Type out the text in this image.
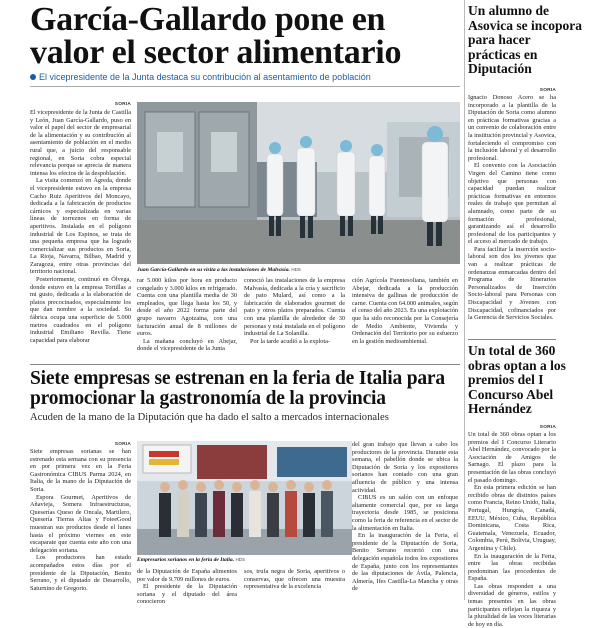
García-Gallardo pone en
valor el sector alimentario
El vicepresidente de la Junta destaca su contribución al asentamiento de población
SORIA

El vicepresidente de la Junta de Castilla y León, Juan García-Gallardo, puso en valor el papel del sector de empresarial de la alimentación y su contribución al asentamiento de población en el medio rural que, a juicio del responsable regional, en Soria cobra especial relevancia porque se aprecia de manera intensa los efectos de la despoblación.

La visita comenzó en Ágreda, donde el vicepresidente estuvo en la empresa Cacho Ruiz Aperitivos del Moncayo, dedicada a la fabricación de productos cárnicos y especializada en varias líneas de torreznos en forma de aperitivos. Instalada en el polígono industrial de Los Espinos, se trata de una pequeña empresa que ha logrado comercializar sus productos en Soria, La Rioja, Navarra, Bilbao, Madrid y Zaragoza, entre otras provincias del territorio nacional.

Posteriormente, continuó en Ólvega, donde estuvo en la empresa Tortillas a mi gusto, dedicada a la elaboración de platos precocinados, especialmente los que dan nombre a la sociedad. Su fábrica ocupa una superficie de 5.000 metros cuadrados en el polígono industrial Emiliano Revilla. Tiene capacidad para elaborar

Juan García-Gallardo en su visita a las instalaciones de Malvasía. HDS

rar 5.000 kilos por hora en producto congelado y 3.000 kilos en refrigerado. Cuenta con una plantilla media de 30 empleados, que llega hasta los 50, y desde el año 2022 forma parte del grupo navarro Agotzaina, con una facturación anual de 8 millones de euros.

La mañana concluyó en Abejar, donde el vicepresidente de la Junta

conoció las instalaciones de la empresa Malvasía, dedicada a la cría y sacrificio de pato Mulard, así como a la fabricación de elaborados gourmet de pato y otros platos preparados. Cuenta con una plantilla de alrededor de 30 personas y está instalada en el polígono industrial de La Solanilla.

Por la tarde acudió a la explota-

ción Agrícola Fuentesoliana, también en Abejar, dedicada a la producción intensiva de gallinas de producción de carne. Cuenta con 64.000 animales, según el censo del año 2023. Es una explotación que ha sido reconocida por la Consejería de Medio Ambiente, Vivienda y Ordenación del Territorio por su esfuerzo en la gestión medioambiental.

Siete empresas se estrenan en la feria de Italia para
promocionar la gastronomía de la provincia
Acuden de la mano de la Diputación que ha dado el salto a mercados internacionales
SORIA

Siete empresas sorianas se han estrenado esta semana con su presencia en por primera vez en la Feria Gastronómica CIBUS Parma 2024, en Italia, de la mano de la Diputación de Soria.

Espora Gourmet, Aperitivos de Añavieja, Somera Infraestructuras, Queserías Queso de Oncala, Martilero, Quesería Tierras Altas y FoieeGood muestran sus productos desde el lunes hasta el próximo viernes en este escaparate que cuenta este año con una delegación soriana.

Los productores han estado acompañados estos días por el presidente de la Diputación, Benito Serrano, y el diputado de Desarrollo, Saturnino de Gregorio.

Empresarios sorianos en la feria de Italia. HDS

de la Diputación de España alimentos por valor de 9.709 millones de euros.

El presidente de la Diputación soriana y el diputado del área conocieron

sos, trufa negra de Soria, aperitivos o conservas, que ofrecen una muestra representativa de la excelencia

del gran trabajo que llevan a cabo los productores de la provincia. Durante esta semana, el pabellón donde se ubica la Diputación de Soria y los expositores sorianos han contado con una gran afluencia de público y una intensa actividad.

CIBUS es un salón con un enfoque altamente comercial que, por su larga trayectoria desde 1985, se posiciona como la feria de referencia en el sector de la alimentación en Italia.

En la inauguración de la Feria, el presidente de la Diputación de Soria, Benito Serrano recorrió con una delegación española todos los expositores de España, junto con los representantes de las diputaciones de Ávila, Palencia, Almería, Ifes Castilla-La Mancha y otras de

Un alumno de Asovica se incopora para hacer prácticas en Diputación
SORIA

Ignacio Donoso Acero se ha incorporado a la plantilla de la Diputación de Soria como alumno en prácticas formativas gracias a un convenio de colaboración entre la institución provincial y Asovica, fortaleciendo el compromiso con la inclusión laboral y el desarrollo profesional.

El convenio con la Asociación Virgen del Camino tiene como objetivo que personas con capacidad puedan realizar prácticas formativas en entornos reales de trabajo que permitan al alumnado, como parte de su formación profesional, garantizando así el desarrollo profesional de los participantes y el acceso al mercado de trabajo.

Para facilitar la inserción socio-laboral son dos los jóvenes que van a realizar prácticas de ordenanzas enmarcadas dentro del Programa de Itinerarios Personalizados de Inserción Socio-laboral para Personas con Discapacidad y Jóvenes con Discapacidad, cofinanciados por la Gerencia de Servicios Sociales.

Un total de 360 obras optan a los premios del I Concurso Abel Hernández
SORIA

Un total de 360 obras optan a los premios del I Concurso Literario Abel Hernández, convocado por la Asociación de Amigos de Sarnago. El plazo para la presentación de las obras concluyó el pasado domingo.

En esta primera edición se han recibido obras de distintos países como Francia, Reino Unido, Italia, Portugal, Hungría, Canadá, EEUU, México, Cuba, República Dominicana, Costa Rica, Guatemala, Venezuela, Ecuador, Colombia, Perú, Bolivia, Uruguay, Argentina y Chile).

En la inauguración de la Feria, entre las obras recibidas predominan las procedentes de España.

Las obras responden a una diversidad de géneros, estilos y temas presentes en las obras participantes reflejan la riqueza y la pluralidad de las voces literarias de hoy en día.
